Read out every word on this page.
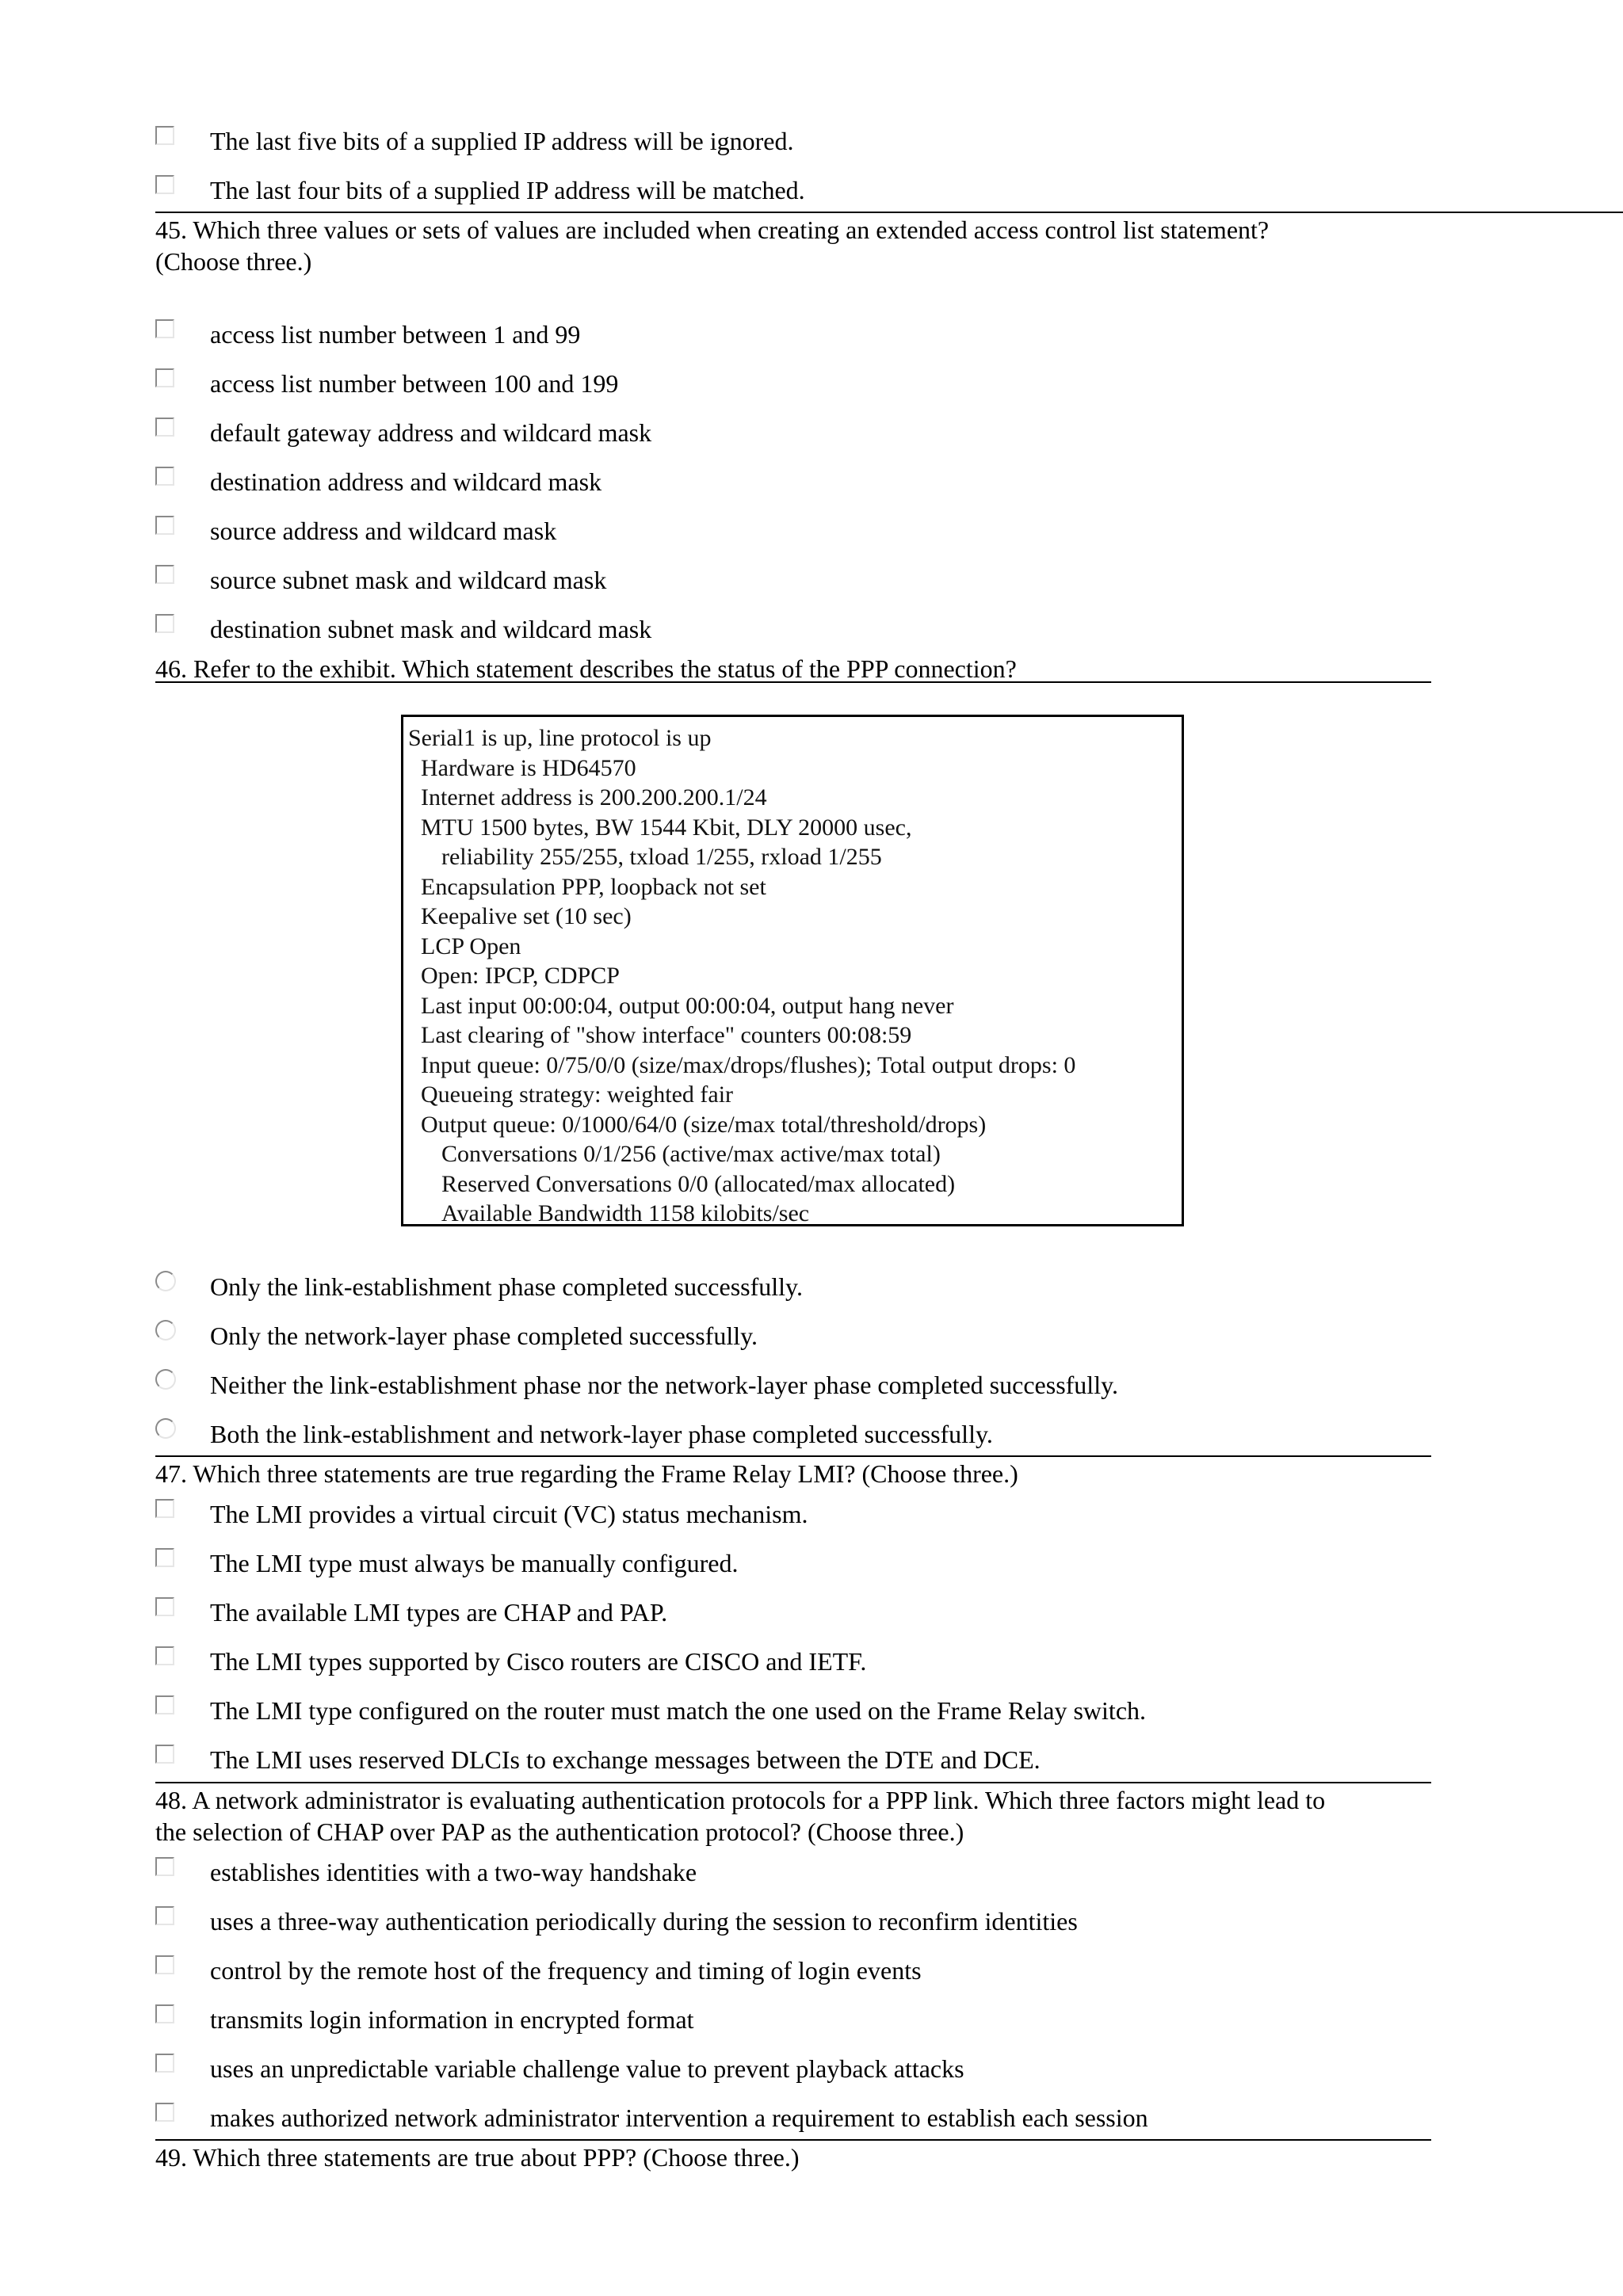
The last five bits of a supplied IP address will be ignored.
The last four bits of a supplied IP address will be matched.
45. Which three values or sets of values are included when creating an extended access control list statement?
(Choose three.)
access list number between 1 and 99
access list number between 100 and 199
default gateway address and wildcard mask
destination address and wildcard mask
source address and wildcard mask
source subnet mask and wildcard mask
destination subnet mask and wildcard mask
46. Refer to the exhibit. Which statement describes the status of the PPP connection?
Serial1 is up, line protocol is up
Hardware is HD64570
Internet address is 200.200.200.1/24
MTU 1500 bytes, BW 1544 Kbit, DLY 20000 usec,
reliability 255/255, txload 1/255, rxload 1/255
Encapsulation PPP, loopback not set
Keepalive set (10 sec)
LCP Open
Open: IPCP, CDPCP
Last input 00:00:04, output 00:00:04, output hang never
Last clearing of "show interface" counters 00:08:59
Input queue: 0/75/0/0 (size/max/drops/flushes); Total output drops: 0
Queueing strategy: weighted fair
Output queue: 0/1000/64/0 (size/max total/threshold/drops)
Conversations 0/1/256 (active/max active/max total)
Reserved Conversations 0/0 (allocated/max allocated)
Available Bandwidth 1158 kilobits/sec
Only the link-establishment phase completed successfully.
Only the network-layer phase completed successfully.
Neither the link-establishment phase nor the network-layer phase completed successfully.
Both the link-establishment and network-layer phase completed successfully.
47. Which three statements are true regarding the Frame Relay LMI? (Choose three.)
The LMI provides a virtual circuit (VC) status mechanism.
The LMI type must always be manually configured.
The available LMI types are CHAP and PAP.
The LMI types supported by Cisco routers are CISCO and IETF.
The LMI type configured on the router must match the one used on the Frame Relay switch.
The LMI uses reserved DLCIs to exchange messages between the DTE and DCE.
48. A network administrator is evaluating authentication protocols for a PPP link. Which three factors might lead to
the selection of CHAP over PAP as the authentication protocol? (Choose three.)
establishes identities with a two-way handshake
uses a three-way authentication periodically during the session to reconfirm identities
control by the remote host of the frequency and timing of login events
transmits login information in encrypted format
uses an unpredictable variable challenge value to prevent playback attacks
makes authorized network administrator intervention a requirement to establish each session
49. Which three statements are true about PPP? (Choose three.)
